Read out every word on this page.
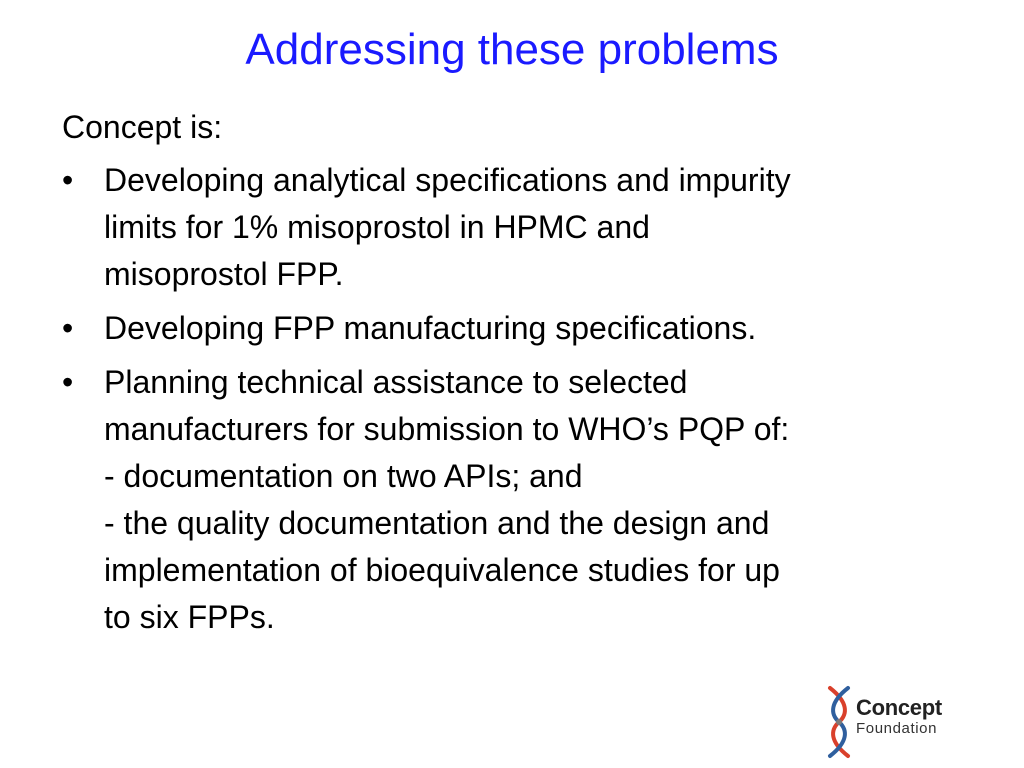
Addressing these problems

Concept is:

• Developing analytical specifications and impurity
limits for 1% misoprostol in HPMC and
misoprostol FPP.
• Developing FPP manufacturing specifications.
• Planning technical assistance to selected
manufacturers for submission to WHO’s PQP of:
- documentation on two APIs; and
- the quality documentation and the design and
implementation of bioequivalence studies for up
to six FPPs.
Concept
Foundation
